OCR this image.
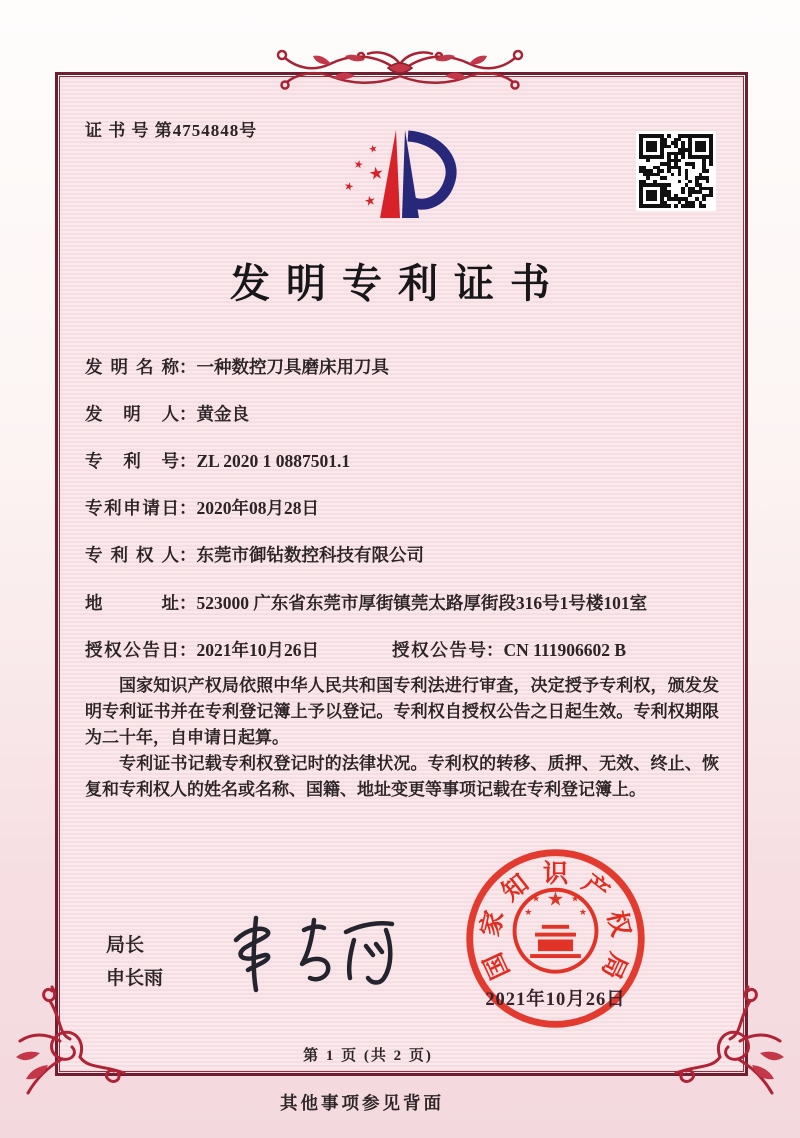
证 书 号 第4754848号
★
★ ★
★
★
发明专利证书
发明名称 ： 一种数控刀具磨床用刀具
发明人 ： 黄金良
专利号 ： ZL 2020 1 0887501.1
专利申请日 ： 2020年08月28日
专利权人 ： 东莞市御钻数控科技有限公司
地址 ： 523000 广东省东莞市厚街镇莞太路厚街段316号1号楼101室
授权公告日 ： 2021年10月26日	授权公告号 ： CN 111906602 B

国家知识产权局依照中华人民共和国专利法进行审查，决定授予专利权，颁发发明专利证书并在专利登记簿上予以登记。专利权自授权公告之日起生效。专利权期限为二十年，自申请日起算。

专利证书记载专利权登记时的法律状况。专利权的转移、质押、无效、终止、恢复和专利权人的姓名或名称、国籍、地址变更等事项记载在专利登记簿上。

局长
申长雨	国
家
知 识 产
权
局
★
★	★
★	★
2021年10月26日
第 1 页 (共 2 页)
其他事项参见背面
